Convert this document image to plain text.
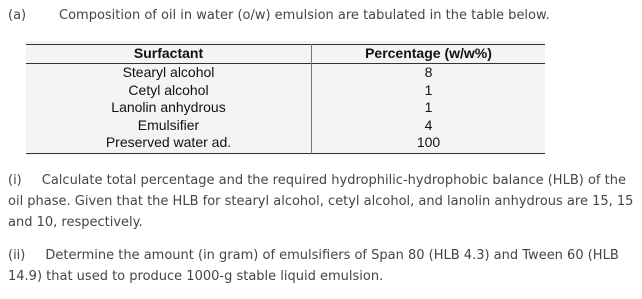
(a)	Composition of oil in water (o/w) emulsion are tabulated in the table below.
Surfactant	Percentage (w/w%)
Stearyl alcohol	8
Cetyl alcohol	1
Lanolin anhydrous	1
Emulsifier	4
Preserved water ad.	100
(i) Calculate total percentage and the required hydrophilic-hydrophobic balance (HLB) of the
oil phase. Given that the HLB for stearyl alcohol, cetyl alcohol, and lanolin anhydrous are 15, 15
and 10, respectively.
(ii) Determine the amount (in gram) of emulsifiers of Span 80 (HLB 4.3) and Tween 60 (HLB
14.9) that used to produce 1000-g stable liquid emulsion.
